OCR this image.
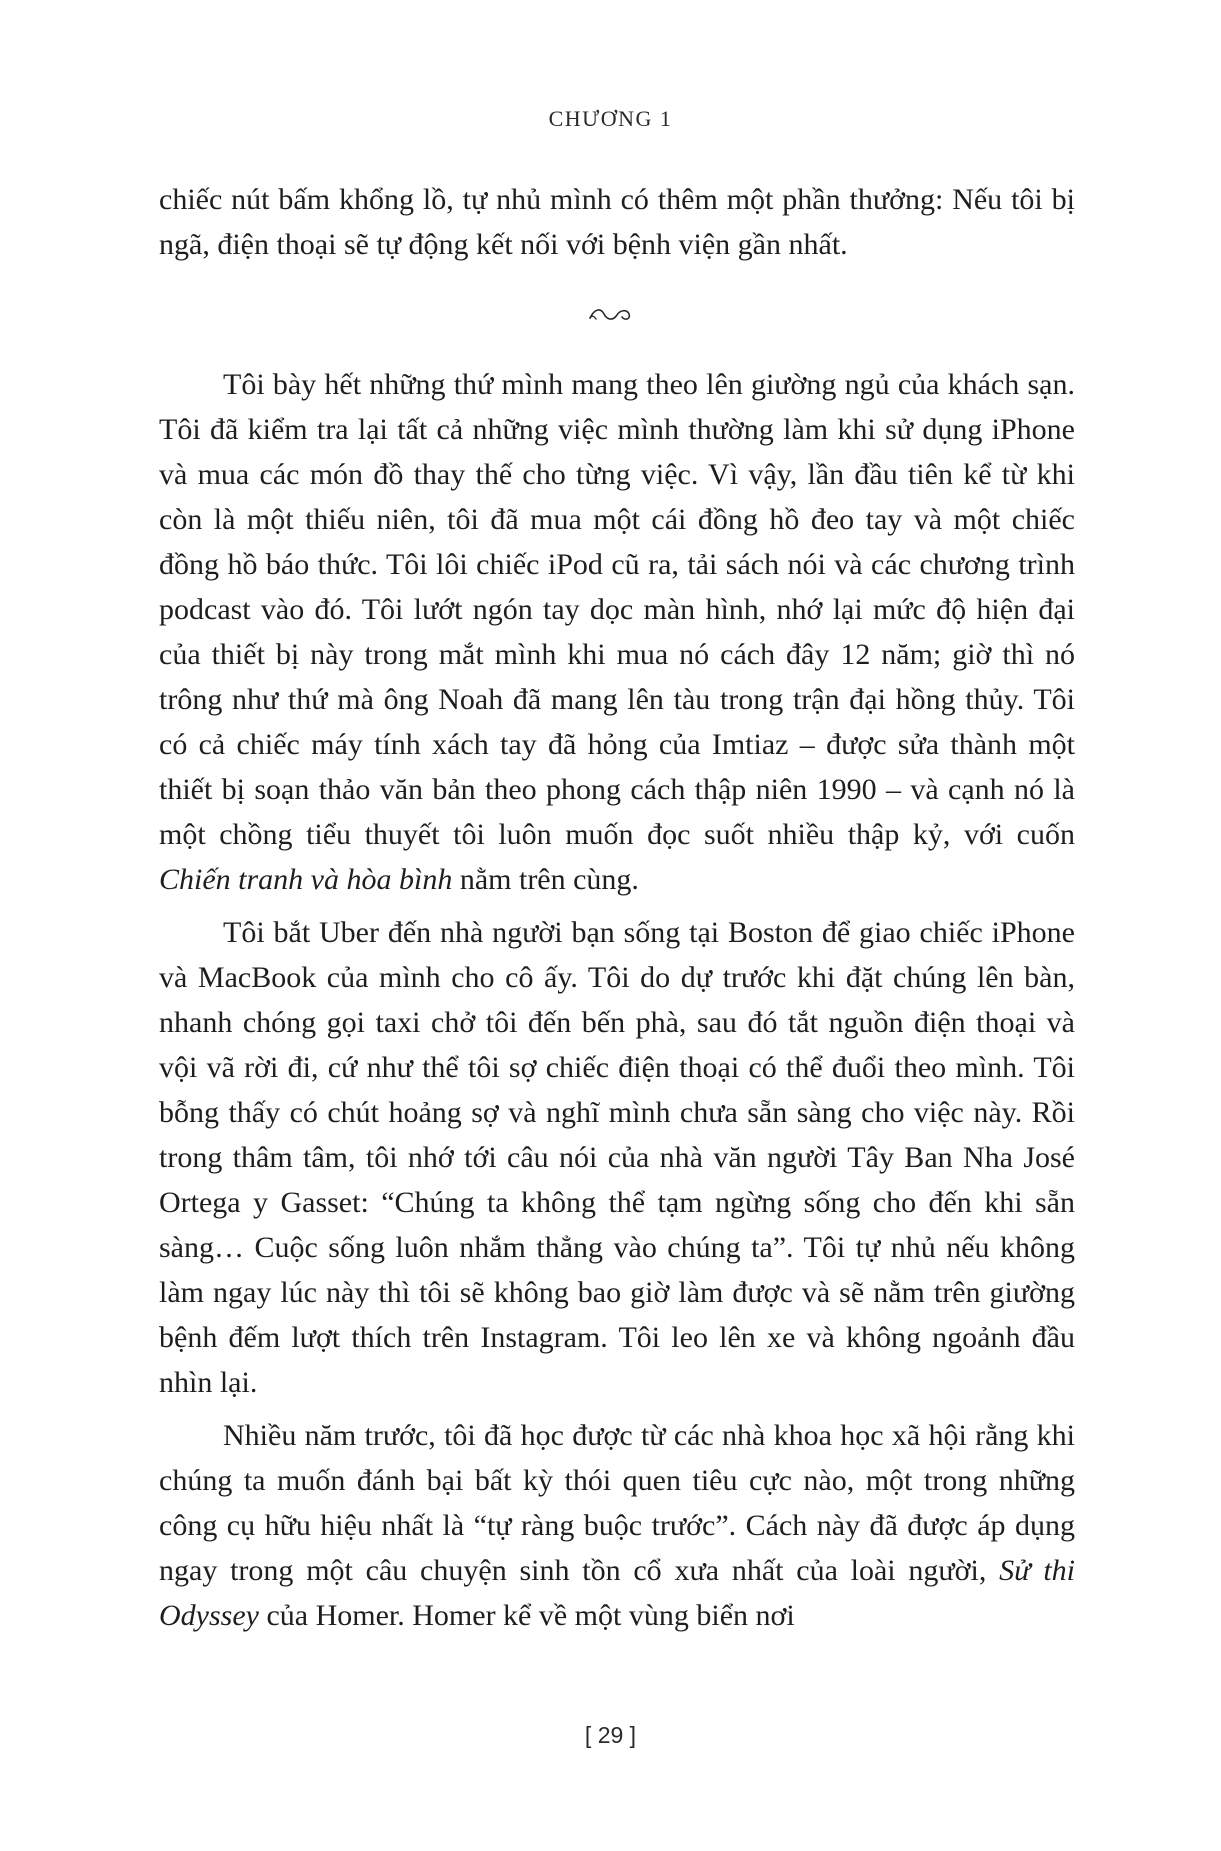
CHƯƠNG 1

chiếc nút bấm khổng lồ, tự nhủ mình có thêm một phần thưởng: Nếu tôi bị ngã, điện thoại sẽ tự động kết nối với bệnh viện gần nhất.

Tôi bày hết những thứ mình mang theo lên giường ngủ của khách sạn. Tôi đã kiểm tra lại tất cả những việc mình thường làm khi sử dụng iPhone và mua các món đồ thay thế cho từng việc. Vì vậy, lần đầu tiên kể từ khi còn là một thiếu niên, tôi đã mua một cái đồng hồ đeo tay và một chiếc đồng hồ báo thức. Tôi lôi chiếc iPod cũ ra, tải sách nói và các chương trình podcast vào đó. Tôi lướt ngón tay dọc màn hình, nhớ lại mức độ hiện đại của thiết bị này trong mắt mình khi mua nó cách đây 12 năm; giờ thì nó trông như thứ mà ông Noah đã mang lên tàu trong trận đại hồng thủy. Tôi có cả chiếc máy tính xách tay đã hỏng của Imtiaz – được sửa thành một thiết bị soạn thảo văn bản theo phong cách thập niên 1990 – và cạnh nó là một chồng tiểu thuyết tôi luôn muốn đọc suốt nhiều thập kỷ, với cuốn Chiến tranh và hòa bình nằm trên cùng.

Tôi bắt Uber đến nhà người bạn sống tại Boston để giao chiếc iPhone và MacBook của mình cho cô ấy. Tôi do dự trước khi đặt chúng lên bàn, nhanh chóng gọi taxi chở tôi đến bến phà, sau đó tắt nguồn điện thoại và vội vã rời đi, cứ như thể tôi sợ chiếc điện thoại có thể đuổi theo mình. Tôi bỗng thấy có chút hoảng sợ và nghĩ mình chưa sẵn sàng cho việc này. Rồi trong thâm tâm, tôi nhớ tới câu nói của nhà văn người Tây Ban Nha José Ortega y Gasset: “Chúng ta không thể tạm ngừng sống cho đến khi sẵn sàng… Cuộc sống luôn nhắm thẳng vào chúng ta”. Tôi tự nhủ nếu không làm ngay lúc này thì tôi sẽ không bao giờ làm được và sẽ nằm trên giường bệnh đếm lượt thích trên Instagram. Tôi leo lên xe và không ngoảnh đầu nhìn lại.

Nhiều năm trước, tôi đã học được từ các nhà khoa học xã hội rằng khi chúng ta muốn đánh bại bất kỳ thói quen tiêu cực nào, một trong những công cụ hữu hiệu nhất là “tự ràng buộc trước”. Cách này đã được áp dụng ngay trong một câu chuyện sinh tồn cổ xưa nhất của loài người, Sử thi Odyssey của Homer. Homer kể về một vùng biển nơi

[ 29 ]
